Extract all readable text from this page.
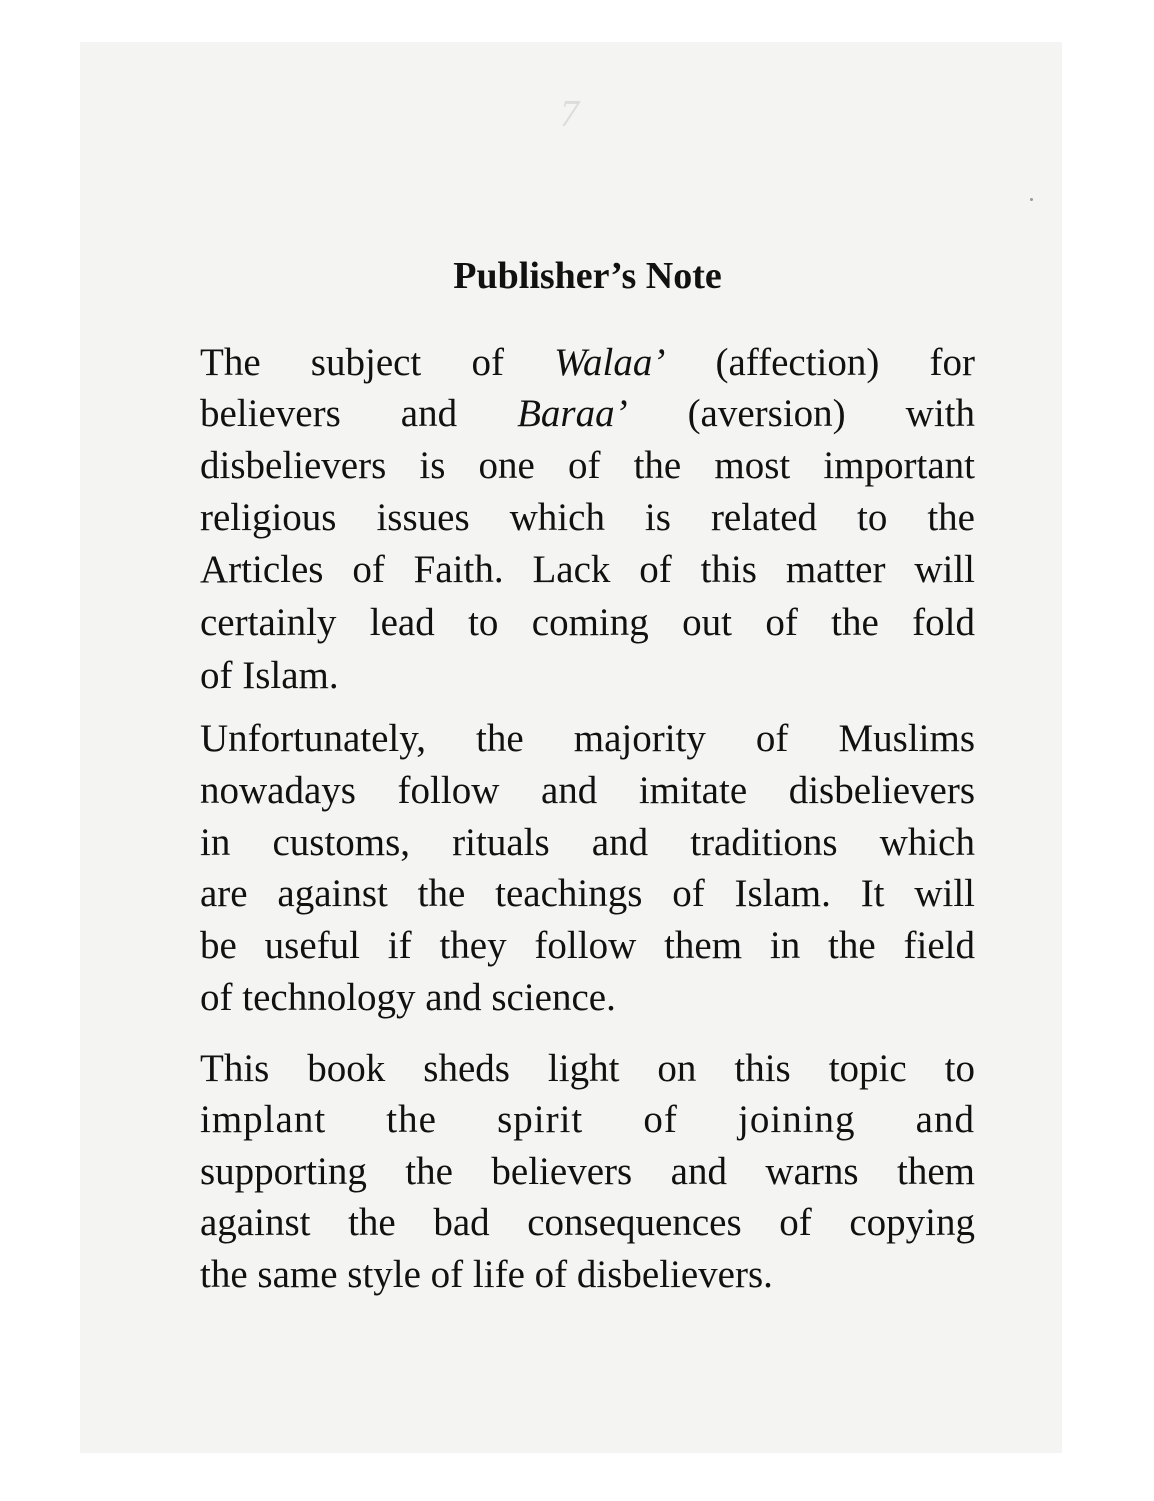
7
Publisher’s Note
The subject of Walaa’ (affection) for
believers and Baraa’ (aversion) with
disbelievers is one of the most important
religious issues which is related to the
Articles of Faith. Lack of this matter will
certainly lead to coming out of the fold
of Islam.
Unfortunately, the majority of Muslims
nowadays follow and imitate disbelievers
in customs, rituals and traditions which
are against the teachings of Islam. It will
be useful if they follow them in the field
of technology and science.
This book sheds light on this topic to
implant the spirit of joining and
supporting the believers and warns them
against the bad consequences of copying
the same style of life of disbelievers.
